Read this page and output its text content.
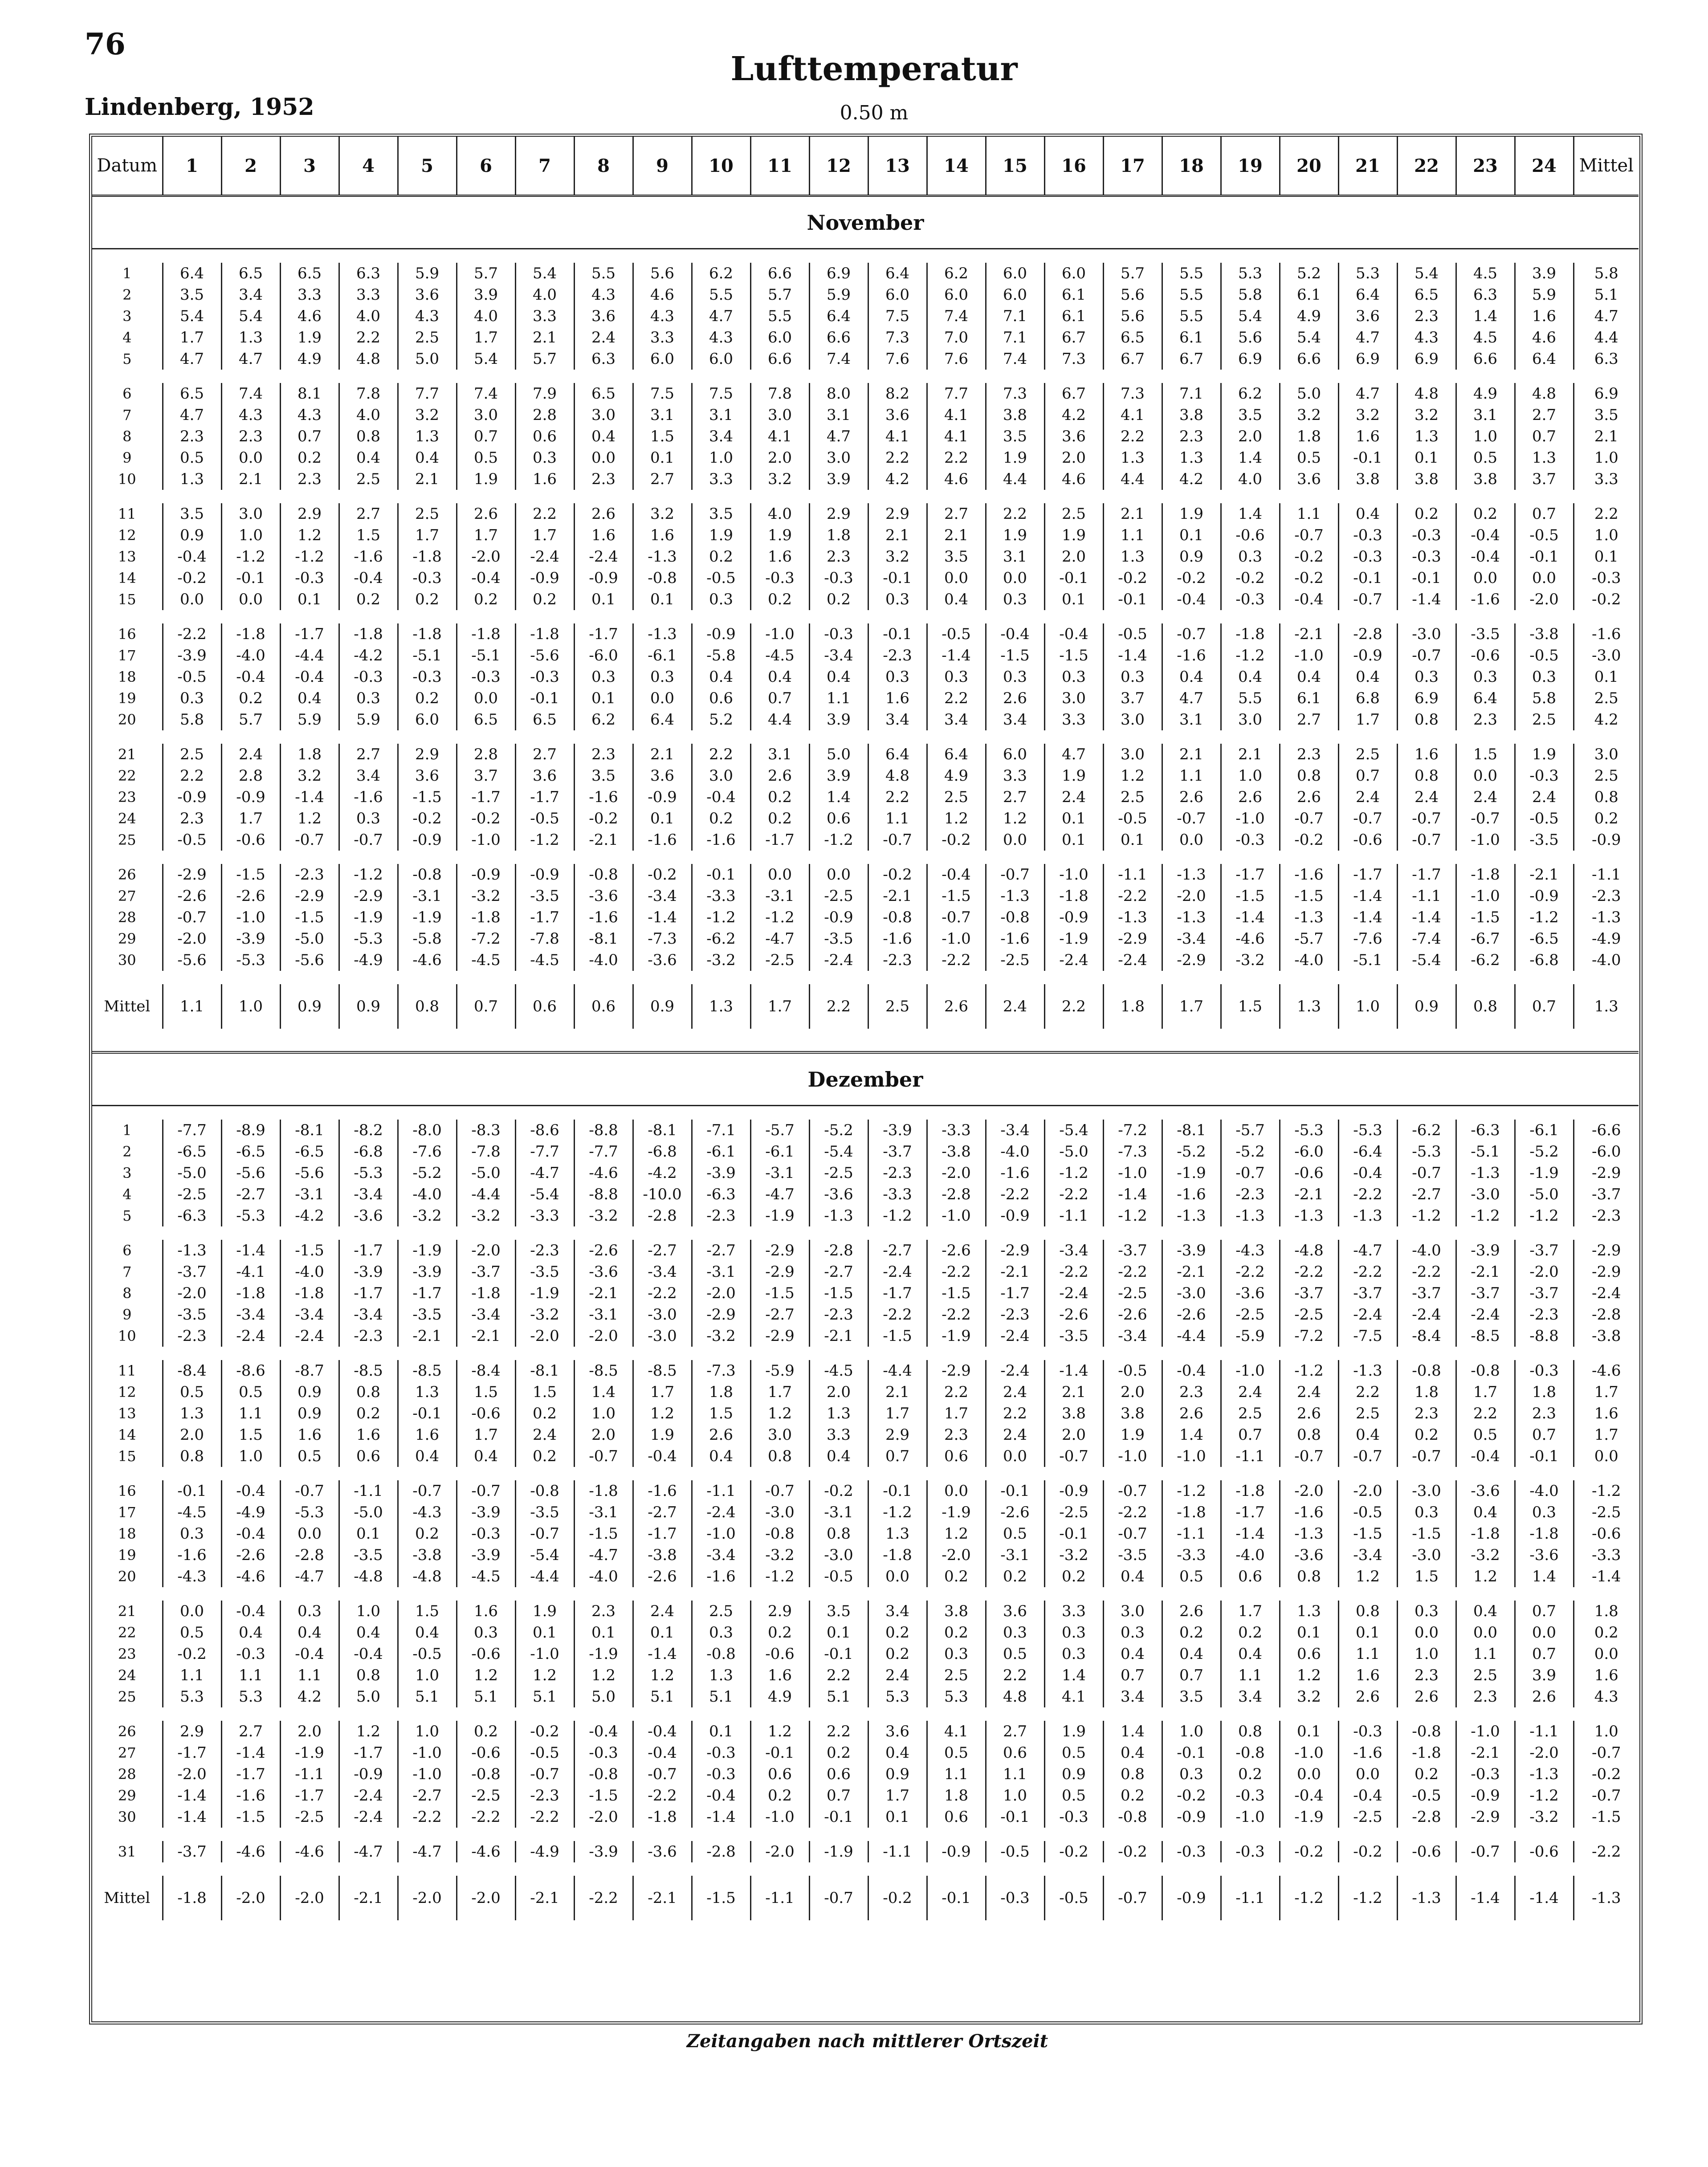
76
Lufttemperatur
Lindenberg, 1952	0.50 m
Datum	1	2	3	4	5	6	7	8	9	10	11	12	13	14	15	16	17	18	19	20	21	22	23	24	Mittel
November																									

1	6.4	6.5	6.5	6.3	5.9	5.7	5.4	5.5	5.6	6.2	6.6	6.9	6.4	6.2	6.0	6.0	5.7	5.5	5.3	5.2	5.3	5.4	4.5	3.9	5.8
2	3.5	3.4	3.3	3.3	3.6	3.9	4.0	4.3	4.6	5.5	5.7	5.9	6.0	6.0	6.0	6.1	5.6	5.5	5.8	6.1	6.4	6.5	6.3	5.9	5.1
3	5.4	5.4	4.6	4.0	4.3	4.0	3.3	3.6	4.3	4.7	5.5	6.4	7.5	7.4	7.1	6.1	5.6	5.5	5.4	4.9	3.6	2.3	1.4	1.6	4.7
4	1.7	1.3	1.9	2.2	2.5	1.7	2.1	2.4	3.3	4.3	6.0	6.6	7.3	7.0	7.1	6.7	6.5	6.1	5.6	5.4	4.7	4.3	4.5	4.6	4.4
5	4.7	4.7	4.9	4.8	5.0	5.4	5.7	6.3	6.0	6.0	6.6	7.4	7.6	7.6	7.4	7.3	6.7	6.7	6.9	6.6	6.9	6.9	6.6	6.4	6.3

6	6.5	7.4	8.1	7.8	7.7	7.4	7.9	6.5	7.5	7.5	7.8	8.0	8.2	7.7	7.3	6.7	7.3	7.1	6.2	5.0	4.7	4.8	4.9	4.8	6.9
7	4.7	4.3	4.3	4.0	3.2	3.0	2.8	3.0	3.1	3.1	3.0	3.1	3.6	4.1	3.8	4.2	4.1	3.8	3.5	3.2	3.2	3.2	3.1	2.7	3.5
8	2.3	2.3	0.7	0.8	1.3	0.7	0.6	0.4	1.5	3.4	4.1	4.7	4.1	4.1	3.5	3.6	2.2	2.3	2.0	1.8	1.6	1.3	1.0	0.7	2.1
9	0.5	0.0	0.2	0.4	0.4	0.5	0.3	0.0	0.1	1.0	2.0	3.0	2.2	2.2	1.9	2.0	1.3	1.3	1.4	0.5	-0.1	0.1	0.5	1.3	1.0
10	1.3	2.1	2.3	2.5	2.1	1.9	1.6	2.3	2.7	3.3	3.2	3.9	4.2	4.6	4.4	4.6	4.4	4.2	4.0	3.6	3.8	3.8	3.8	3.7	3.3

11	3.5	3.0	2.9	2.7	2.5	2.6	2.2	2.6	3.2	3.5	4.0	2.9	2.9	2.7	2.2	2.5	2.1	1.9	1.4	1.1	0.4	0.2	0.2	0.7	2.2
12	0.9	1.0	1.2	1.5	1.7	1.7	1.7	1.6	1.6	1.9	1.9	1.8	2.1	2.1	1.9	1.9	1.1	0.1	-0.6	-0.7	-0.3	-0.3	-0.4	-0.5	1.0
13	-0.4	-1.2	-1.2	-1.6	-1.8	-2.0	-2.4	-2.4	-1.3	0.2	1.6	2.3	3.2	3.5	3.1	2.0	1.3	0.9	0.3	-0.2	-0.3	-0.3	-0.4	-0.1	0.1
14	-0.2	-0.1	-0.3	-0.4	-0.3	-0.4	-0.9	-0.9	-0.8	-0.5	-0.3	-0.3	-0.1	0.0	0.0	-0.1	-0.2	-0.2	-0.2	-0.2	-0.1	-0.1	0.0	0.0	-0.3
15	0.0	0.0	0.1	0.2	0.2	0.2	0.2	0.1	0.1	0.3	0.2	0.2	0.3	0.4	0.3	0.1	-0.1	-0.4	-0.3	-0.4	-0.7	-1.4	-1.6	-2.0	-0.2

16	-2.2	-1.8	-1.7	-1.8	-1.8	-1.8	-1.8	-1.7	-1.3	-0.9	-1.0	-0.3	-0.1	-0.5	-0.4	-0.4	-0.5	-0.7	-1.8	-2.1	-2.8	-3.0	-3.5	-3.8	-1.6
17	-3.9	-4.0	-4.4	-4.2	-5.1	-5.1	-5.6	-6.0	-6.1	-5.8	-4.5	-3.4	-2.3	-1.4	-1.5	-1.5	-1.4	-1.6	-1.2	-1.0	-0.9	-0.7	-0.6	-0.5	-3.0
18	-0.5	-0.4	-0.4	-0.3	-0.3	-0.3	-0.3	0.3	0.3	0.4	0.4	0.4	0.3	0.3	0.3	0.3	0.3	0.4	0.4	0.4	0.4	0.3	0.3	0.3	0.1
19	0.3	0.2	0.4	0.3	0.2	0.0	-0.1	0.1	0.0	0.6	0.7	1.1	1.6	2.2	2.6	3.0	3.7	4.7	5.5	6.1	6.8	6.9	6.4	5.8	2.5
20	5.8	5.7	5.9	5.9	6.0	6.5	6.5	6.2	6.4	5.2	4.4	3.9	3.4	3.4	3.4	3.3	3.0	3.1	3.0	2.7	1.7	0.8	2.3	2.5	4.2

21	2.5	2.4	1.8	2.7	2.9	2.8	2.7	2.3	2.1	2.2	3.1	5.0	6.4	6.4	6.0	4.7	3.0	2.1	2.1	2.3	2.5	1.6	1.5	1.9	3.0
22	2.2	2.8	3.2	3.4	3.6	3.7	3.6	3.5	3.6	3.0	2.6	3.9	4.8	4.9	3.3	1.9	1.2	1.1	1.0	0.8	0.7	0.8	0.0	-0.3	2.5
23	-0.9	-0.9	-1.4	-1.6	-1.5	-1.7	-1.7	-1.6	-0.9	-0.4	0.2	1.4	2.2	2.5	2.7	2.4	2.5	2.6	2.6	2.6	2.4	2.4	2.4	2.4	0.8
24	2.3	1.7	1.2	0.3	-0.2	-0.2	-0.5	-0.2	0.1	0.2	0.2	0.6	1.1	1.2	1.2	0.1	-0.5	-0.7	-1.0	-0.7	-0.7	-0.7	-0.7	-0.5	0.2
25	-0.5	-0.6	-0.7	-0.7	-0.9	-1.0	-1.2	-2.1	-1.6	-1.6	-1.7	-1.2	-0.7	-0.2	0.0	0.1	0.1	0.0	-0.3	-0.2	-0.6	-0.7	-1.0	-3.5	-0.9

26	-2.9	-1.5	-2.3	-1.2	-0.8	-0.9	-0.9	-0.8	-0.2	-0.1	0.0	0.0	-0.2	-0.4	-0.7	-1.0	-1.1	-1.3	-1.7	-1.6	-1.7	-1.7	-1.8	-2.1	-1.1
27	-2.6	-2.6	-2.9	-2.9	-3.1	-3.2	-3.5	-3.6	-3.4	-3.3	-3.1	-2.5	-2.1	-1.5	-1.3	-1.8	-2.2	-2.0	-1.5	-1.5	-1.4	-1.1	-1.0	-0.9	-2.3
28	-0.7	-1.0	-1.5	-1.9	-1.9	-1.8	-1.7	-1.6	-1.4	-1.2	-1.2	-0.9	-0.8	-0.7	-0.8	-0.9	-1.3	-1.3	-1.4	-1.3	-1.4	-1.4	-1.5	-1.2	-1.3
29	-2.0	-3.9	-5.0	-5.3	-5.8	-7.2	-7.8	-8.1	-7.3	-6.2	-4.7	-3.5	-1.6	-1.0	-1.6	-1.9	-2.9	-3.4	-4.6	-5.7	-7.6	-7.4	-6.7	-6.5	-4.9
30	-5.6	-5.3	-5.6	-4.9	-4.6	-4.5	-4.5	-4.0	-3.6	-3.2	-2.5	-2.4	-2.3	-2.2	-2.5	-2.4	-2.4	-2.9	-3.2	-4.0	-5.1	-5.4	-6.2	-6.8	-4.0

Mittel	1.1	1.0	0.9	0.9	0.8	0.7	0.6	0.6	0.9	1.3	1.7	2.2	2.5	2.6	2.4	2.2	1.8	1.7	1.5	1.3	1.0	0.9	0.8	0.7	1.3

Dezember																									

1	-7.7	-8.9	-8.1	-8.2	-8.0	-8.3	-8.6	-8.8	-8.1	-7.1	-5.7	-5.2	-3.9	-3.3	-3.4	-5.4	-7.2	-8.1	-5.7	-5.3	-5.3	-6.2	-6.3	-6.1	-6.6
2	-6.5	-6.5	-6.5	-6.8	-7.6	-7.8	-7.7	-7.7	-6.8	-6.1	-6.1	-5.4	-3.7	-3.8	-4.0	-5.0	-7.3	-5.2	-5.2	-6.0	-6.4	-5.3	-5.1	-5.2	-6.0
3	-5.0	-5.6	-5.6	-5.3	-5.2	-5.0	-4.7	-4.6	-4.2	-3.9	-3.1	-2.5	-2.3	-2.0	-1.6	-1.2	-1.0	-1.9	-0.7	-0.6	-0.4	-0.7	-1.3	-1.9	-2.9
4	-2.5	-2.7	-3.1	-3.4	-4.0	-4.4	-5.4	-8.8	-10.0	-6.3	-4.7	-3.6	-3.3	-2.8	-2.2	-2.2	-1.4	-1.6	-2.3	-2.1	-2.2	-2.7	-3.0	-5.0	-3.7
5	-6.3	-5.3	-4.2	-3.6	-3.2	-3.2	-3.3	-3.2	-2.8	-2.3	-1.9	-1.3	-1.2	-1.0	-0.9	-1.1	-1.2	-1.3	-1.3	-1.3	-1.3	-1.2	-1.2	-1.2	-2.3

6	-1.3	-1.4	-1.5	-1.7	-1.9	-2.0	-2.3	-2.6	-2.7	-2.7	-2.9	-2.8	-2.7	-2.6	-2.9	-3.4	-3.7	-3.9	-4.3	-4.8	-4.7	-4.0	-3.9	-3.7	-2.9
7	-3.7	-4.1	-4.0	-3.9	-3.9	-3.7	-3.5	-3.6	-3.4	-3.1	-2.9	-2.7	-2.4	-2.2	-2.1	-2.2	-2.2	-2.1	-2.2	-2.2	-2.2	-2.2	-2.1	-2.0	-2.9
8	-2.0	-1.8	-1.8	-1.7	-1.7	-1.8	-1.9	-2.1	-2.2	-2.0	-1.5	-1.5	-1.7	-1.5	-1.7	-2.4	-2.5	-3.0	-3.6	-3.7	-3.7	-3.7	-3.7	-3.7	-2.4
9	-3.5	-3.4	-3.4	-3.4	-3.5	-3.4	-3.2	-3.1	-3.0	-2.9	-2.7	-2.3	-2.2	-2.2	-2.3	-2.6	-2.6	-2.6	-2.5	-2.5	-2.4	-2.4	-2.4	-2.3	-2.8
10	-2.3	-2.4	-2.4	-2.3	-2.1	-2.1	-2.0	-2.0	-3.0	-3.2	-2.9	-2.1	-1.5	-1.9	-2.4	-3.5	-3.4	-4.4	-5.9	-7.2	-7.5	-8.4	-8.5	-8.8	-3.8

11	-8.4	-8.6	-8.7	-8.5	-8.5	-8.4	-8.1	-8.5	-8.5	-7.3	-5.9	-4.5	-4.4	-2.9	-2.4	-1.4	-0.5	-0.4	-1.0	-1.2	-1.3	-0.8	-0.8	-0.3	-4.6
12	0.5	0.5	0.9	0.8	1.3	1.5	1.5	1.4	1.7	1.8	1.7	2.0	2.1	2.2	2.4	2.1	2.0	2.3	2.4	2.4	2.2	1.8	1.7	1.8	1.7
13	1.3	1.1	0.9	0.2	-0.1	-0.6	0.2	1.0	1.2	1.5	1.2	1.3	1.7	1.7	2.2	3.8	3.8	2.6	2.5	2.6	2.5	2.3	2.2	2.3	1.6
14	2.0	1.5	1.6	1.6	1.6	1.7	2.4	2.0	1.9	2.6	3.0	3.3	2.9	2.3	2.4	2.0	1.9	1.4	0.7	0.8	0.4	0.2	0.5	0.7	1.7
15	0.8	1.0	0.5	0.6	0.4	0.4	0.2	-0.7	-0.4	0.4	0.8	0.4	0.7	0.6	0.0	-0.7	-1.0	-1.0	-1.1	-0.7	-0.7	-0.7	-0.4	-0.1	0.0

16	-0.1	-0.4	-0.7	-1.1	-0.7	-0.7	-0.8	-1.8	-1.6	-1.1	-0.7	-0.2	-0.1	0.0	-0.1	-0.9	-0.7	-1.2	-1.8	-2.0	-2.0	-3.0	-3.6	-4.0	-1.2
17	-4.5	-4.9	-5.3	-5.0	-4.3	-3.9	-3.5	-3.1	-2.7	-2.4	-3.0	-3.1	-1.2	-1.9	-2.6	-2.5	-2.2	-1.8	-1.7	-1.6	-0.5	0.3	0.4	0.3	-2.5
18	0.3	-0.4	0.0	0.1	0.2	-0.3	-0.7	-1.5	-1.7	-1.0	-0.8	0.8	1.3	1.2	0.5	-0.1	-0.7	-1.1	-1.4	-1.3	-1.5	-1.5	-1.8	-1.8	-0.6
19	-1.6	-2.6	-2.8	-3.5	-3.8	-3.9	-5.4	-4.7	-3.8	-3.4	-3.2	-3.0	-1.8	-2.0	-3.1	-3.2	-3.5	-3.3	-4.0	-3.6	-3.4	-3.0	-3.2	-3.6	-3.3
20	-4.3	-4.6	-4.7	-4.8	-4.8	-4.5	-4.4	-4.0	-2.6	-1.6	-1.2	-0.5	0.0	0.2	0.2	0.2	0.4	0.5	0.6	0.8	1.2	1.5	1.2	1.4	-1.4

21	0.0	-0.4	0.3	1.0	1.5	1.6	1.9	2.3	2.4	2.5	2.9	3.5	3.4	3.8	3.6	3.3	3.0	2.6	1.7	1.3	0.8	0.3	0.4	0.7	1.8
22	0.5	0.4	0.4	0.4	0.4	0.3	0.1	0.1	0.1	0.3	0.2	0.1	0.2	0.2	0.3	0.3	0.3	0.2	0.2	0.1	0.1	0.0	0.0	0.0	0.2
23	-0.2	-0.3	-0.4	-0.4	-0.5	-0.6	-1.0	-1.9	-1.4	-0.8	-0.6	-0.1	0.2	0.3	0.5	0.3	0.4	0.4	0.4	0.6	1.1	1.0	1.1	0.7	0.0
24	1.1	1.1	1.1	0.8	1.0	1.2	1.2	1.2	1.2	1.3	1.6	2.2	2.4	2.5	2.2	1.4	0.7	0.7	1.1	1.2	1.6	2.3	2.5	3.9	1.6
25	5.3	5.3	4.2	5.0	5.1	5.1	5.1	5.0	5.1	5.1	4.9	5.1	5.3	5.3	4.8	4.1	3.4	3.5	3.4	3.2	2.6	2.6	2.3	2.6	4.3

26	2.9	2.7	2.0	1.2	1.0	0.2	-0.2	-0.4	-0.4	0.1	1.2	2.2	3.6	4.1	2.7	1.9	1.4	1.0	0.8	0.1	-0.3	-0.8	-1.0	-1.1	1.0
27	-1.7	-1.4	-1.9	-1.7	-1.0	-0.6	-0.5	-0.3	-0.4	-0.3	-0.1	0.2	0.4	0.5	0.6	0.5	0.4	-0.1	-0.8	-1.0	-1.6	-1.8	-2.1	-2.0	-0.7
28	-2.0	-1.7	-1.1	-0.9	-1.0	-0.8	-0.7	-0.8	-0.7	-0.3	0.6	0.6	0.9	1.1	1.1	0.9	0.8	0.3	0.2	0.0	0.0	0.2	-0.3	-1.3	-0.2
29	-1.4	-1.6	-1.7	-2.4	-2.7	-2.5	-2.3	-1.5	-2.2	-0.4	0.2	0.7	1.7	1.8	1.0	0.5	0.2	-0.2	-0.3	-0.4	-0.4	-0.5	-0.9	-1.2	-0.7
30	-1.4	-1.5	-2.5	-2.4	-2.2	-2.2	-2.2	-2.0	-1.8	-1.4	-1.0	-0.1	0.1	0.6	-0.1	-0.3	-0.8	-0.9	-1.0	-1.9	-2.5	-2.8	-2.9	-3.2	-1.5

31	-3.7	-4.6	-4.6	-4.7	-4.7	-4.6	-4.9	-3.9	-3.6	-2.8	-2.0	-1.9	-1.1	-0.9	-0.5	-0.2	-0.2	-0.3	-0.3	-0.2	-0.2	-0.6	-0.7	-0.6	-2.2

Mittel	-1.8	-2.0	-2.0	-2.1	-2.0	-2.0	-2.1	-2.2	-2.1	-1.5	-1.1	-0.7	-0.2	-0.1	-0.3	-0.5	-0.7	-0.9	-1.1	-1.2	-1.2	-1.3	-1.4	-1.4	-1.3

Zeitangaben nach mittlerer Ortszeit
